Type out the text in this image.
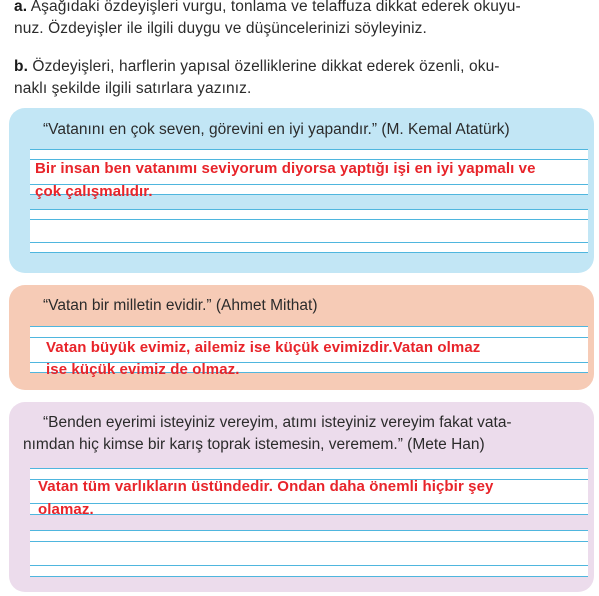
a. Aşağıdaki özdeyişleri vurgu, tonlama ve telaffuza dikkat ederek okuyu-
nuz. Özdeyişler ile ilgili duygu ve düşüncelerinizi söyleyiniz.
b. Özdeyişleri, harflerin yapısal özelliklerine dikkat ederek özenli, oku-
naklı şekilde ilgili satırlara yazınız.
“Vatanını en çok seven, görevini en iyi yapandır.” (M. Kemal Atatürk)
Bir insan ben vatanımı seviyorum diyorsa yaptığı işi en iyi yapmalı ve
çok çalışmalıdır.
“Vatan bir milletin evidir.” (Ahmet Mithat)
Vatan büyük evimiz, ailemiz ise küçük evimizdir.Vatan olmaz
ise küçük evimiz de olmaz.
“Benden eyerimi isteyiniz vereyim, atımı isteyiniz vereyim fakat vata-
nımdan hiç kimse bir karış toprak istemesin, veremem.” (Mete Han)
Vatan tüm varlıkların üstündedir. Ondan daha önemli hiçbir şey
olamaz.
